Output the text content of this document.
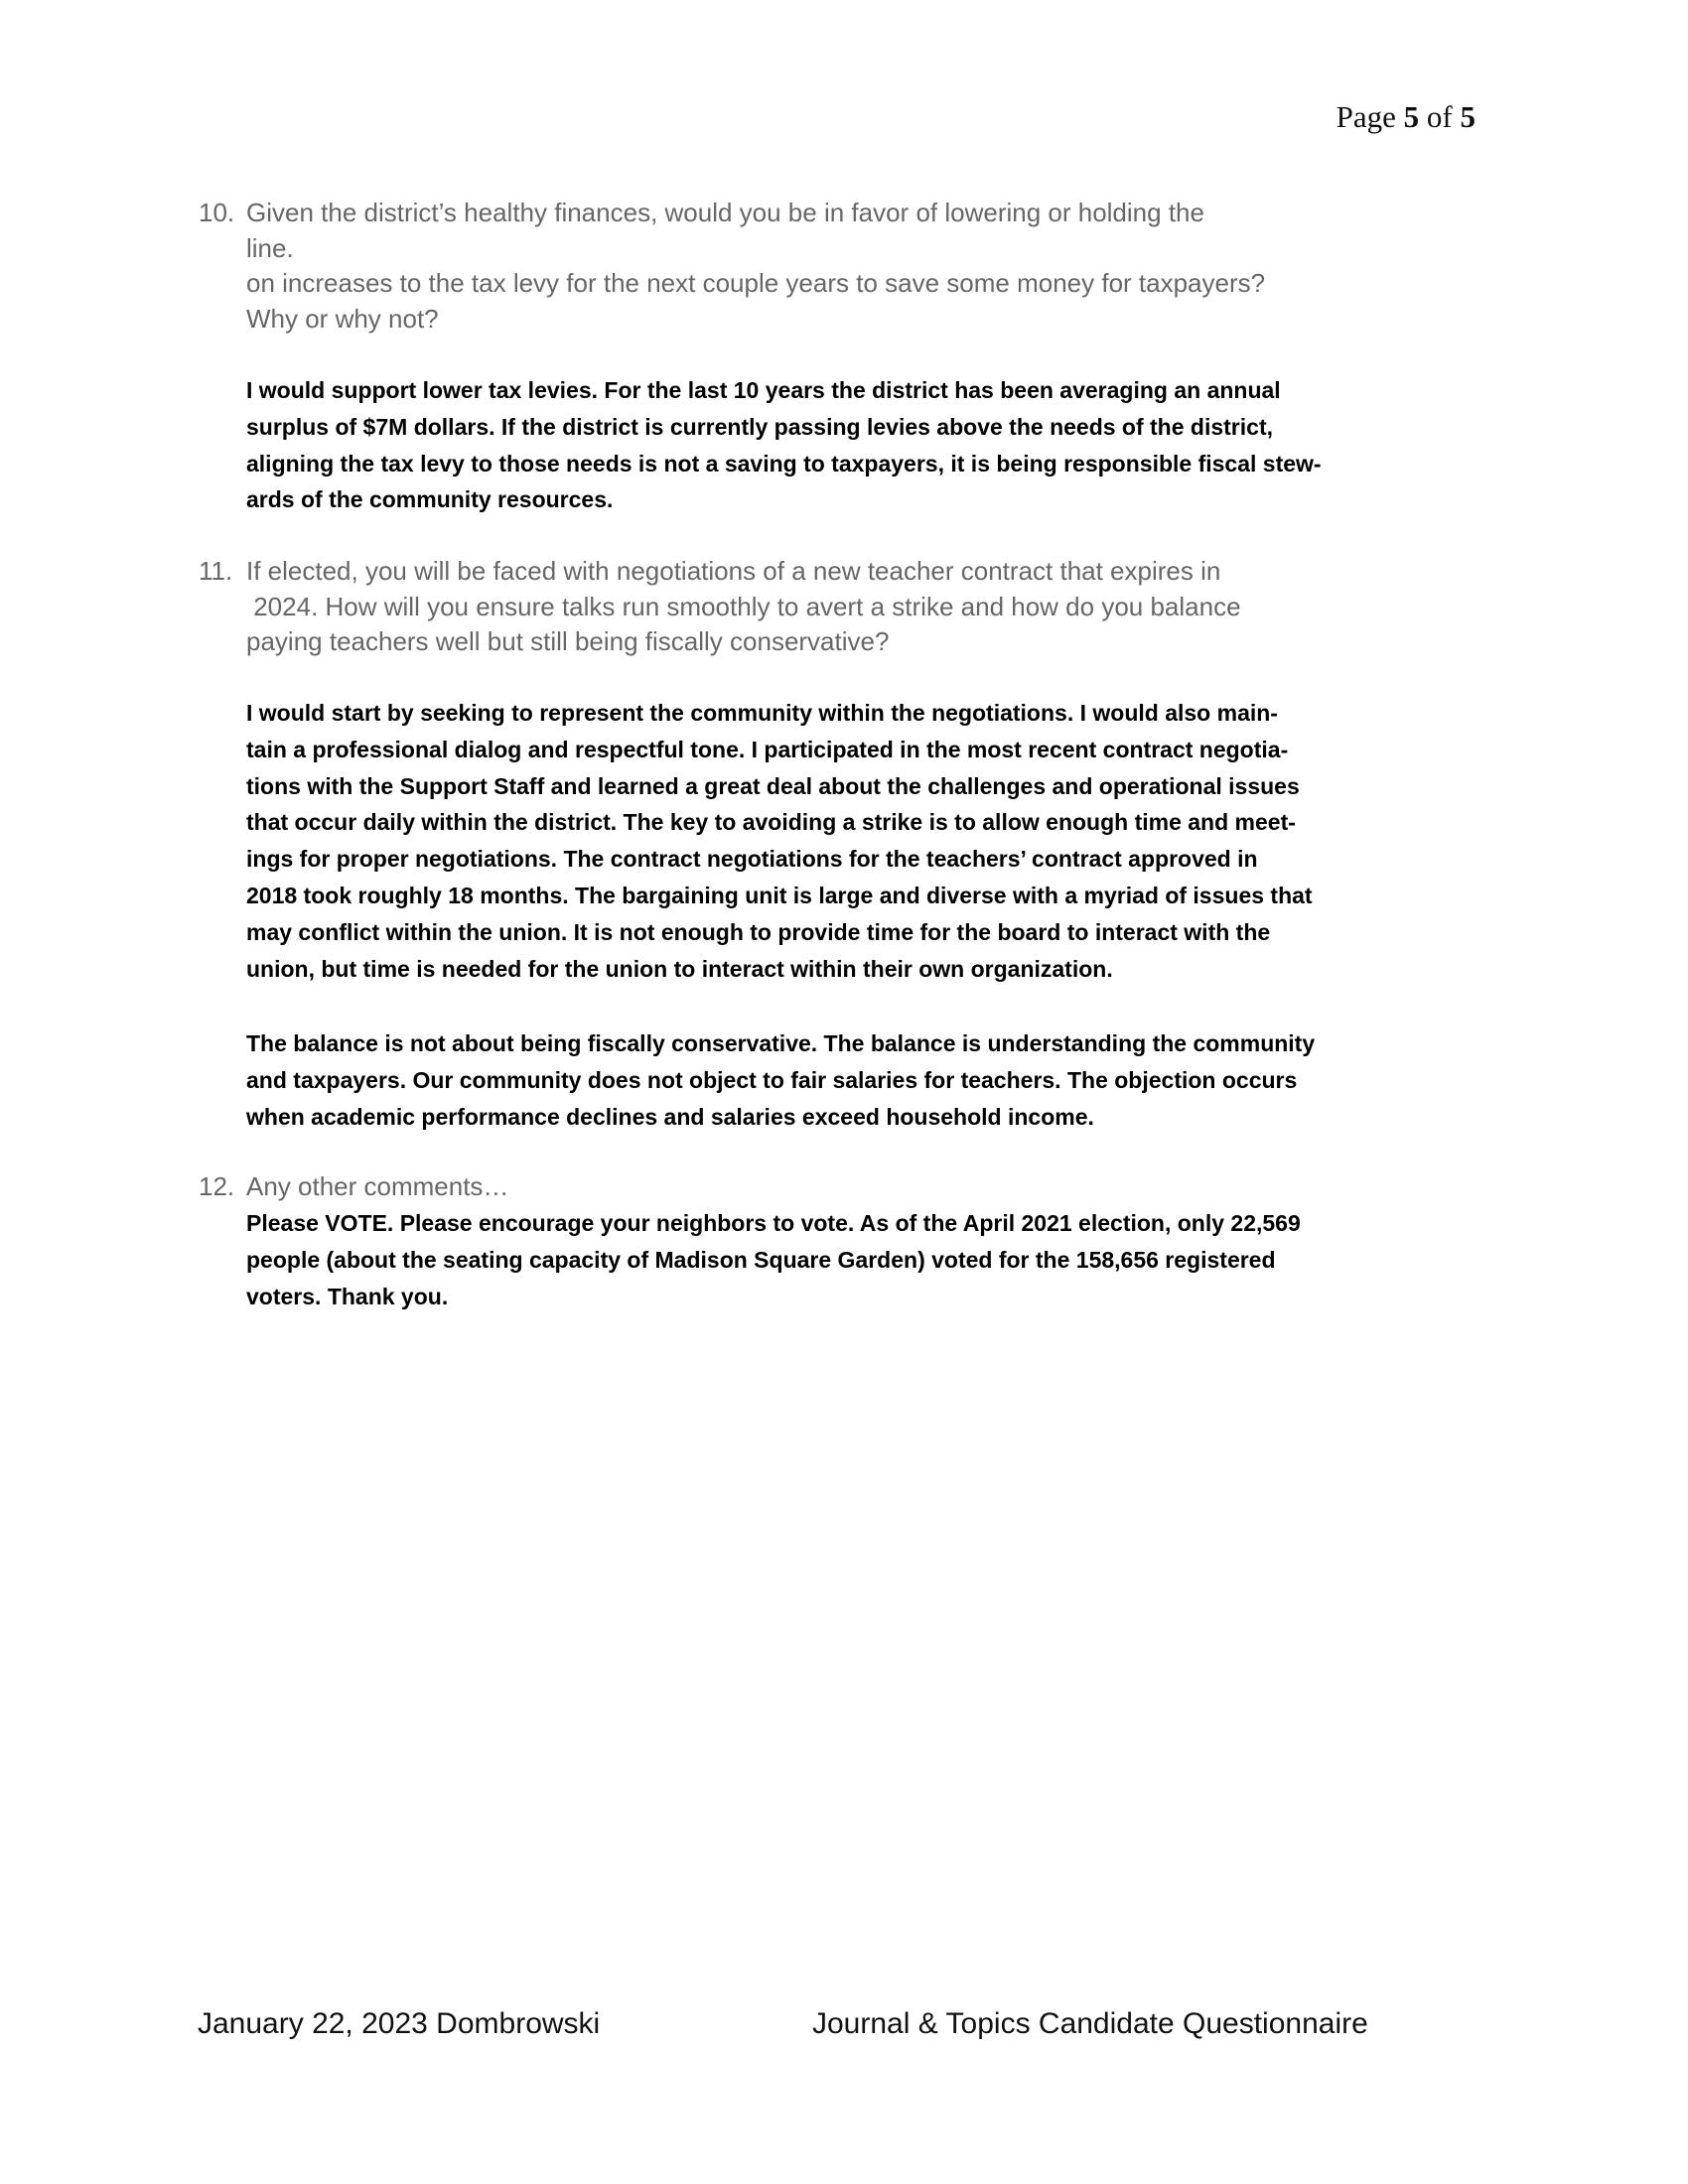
Page 5 of 5
10. Given the district’s healthy finances, would you be in favor of lowering or holding the
line.
on increases to the tax levy for the next couple years to save some money for taxpayers?
Why or why not?
I would support lower tax levies. For the last 10 years the district has been averaging an annual
surplus of $7M dollars. If the district is currently passing levies above the needs of the district,
aligning the tax levy to those needs is not a saving to taxpayers, it is being responsible fiscal stew-
ards of the community resources.
11. If elected, you will be faced with negotiations of a new teacher contract that expires in
2024. How will you ensure talks run smoothly to avert a strike and how do you balance
paying teachers well but still being fiscally conservative?
I would start by seeking to represent the community within the negotiations. I would also main-
tain a professional dialog and respectful tone. I participated in the most recent contract negotia-
tions with the Support Staff and learned a great deal about the challenges and operational issues
that occur daily within the district. The key to avoiding a strike is to allow enough time and meet-
ings for proper negotiations. The contract negotiations for the teachers’ contract approved in
2018 took roughly 18 months. The bargaining unit is large and diverse with a myriad of issues that
may conflict within the union. It is not enough to provide time for the board to interact with the
union, but time is needed for the union to interact within their own organization.
The balance is not about being fiscally conservative. The balance is understanding the community
and taxpayers. Our community does not object to fair salaries for teachers. The objection occurs
when academic performance declines and salaries exceed household income.
12. Any other comments…
Please VOTE. Please encourage your neighbors to vote. As of the April 2021 election, only 22,569
people (about the seating capacity of Madison Square Garden) voted for the 158,656 registered
voters. Thank you.
January 22, 2023 Dombrowski	Journal & Topics Candidate Questionnaire
